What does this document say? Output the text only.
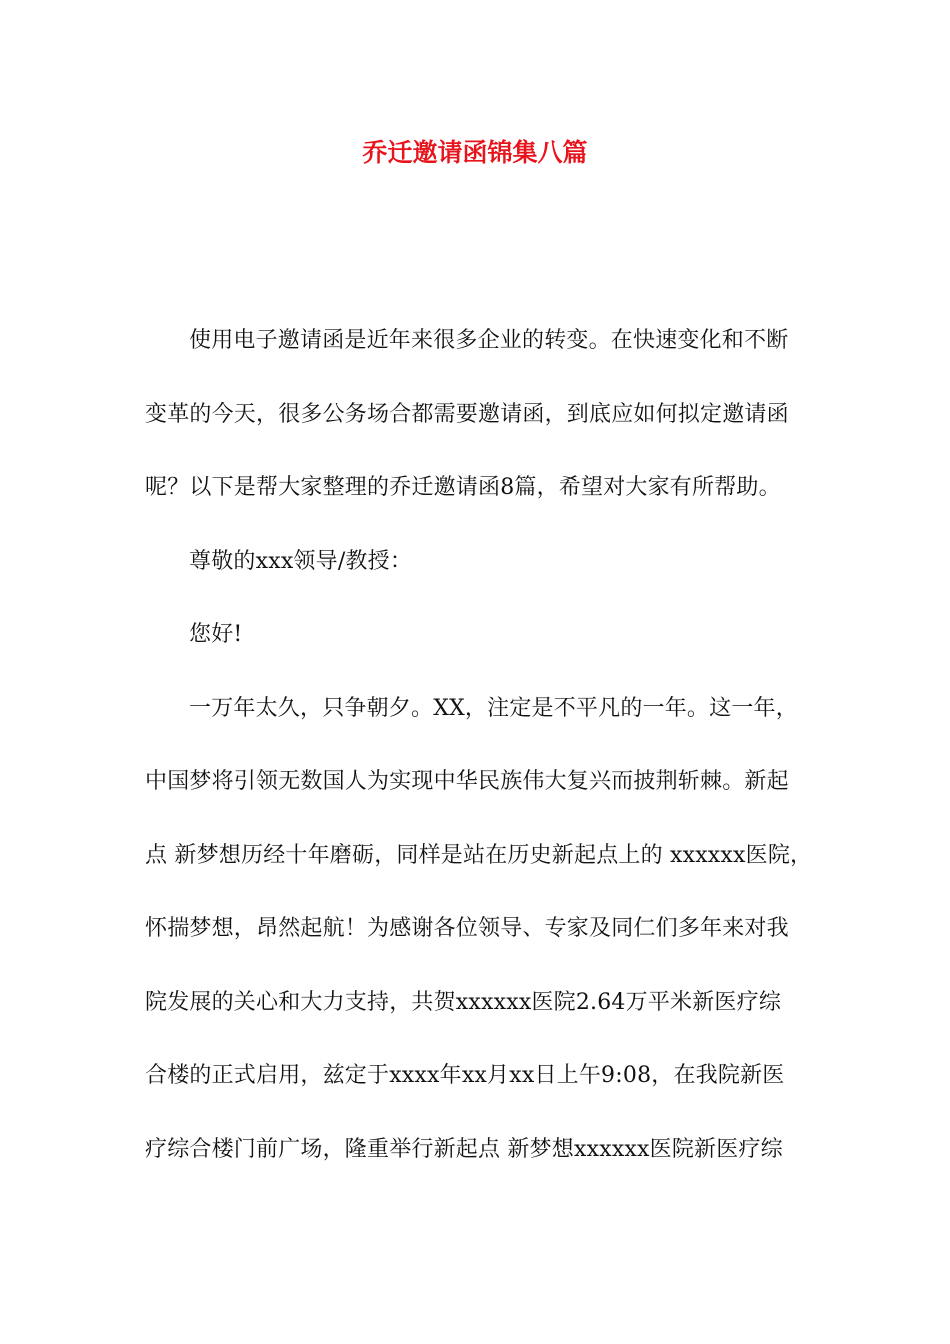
乔迁邀请函锦集八篇
使用电子邀请函是近年来很多企业的转变。在快速变化和不断
变革的今天，很多公务场合都需要邀请函，到底应如何拟定邀请函
呢？以下是帮大家整理的乔迁邀请函8篇，希望对大家有所帮助。
尊敬的xxx领导/教授：
您好!
一万年太久，只争朝夕。XX，注定是不平凡的一年。这一年，
中国梦将引领无数国人为实现中华民族伟大复兴而披荆斩棘。新起
点 新梦想历经十年磨砺，同样是站在历史新起点上的 xxxxxx医院，
怀揣梦想，昂然起航！为感谢各位领导、专家及同仁们多年来对我
院发展的关心和大力支持，共贺xxxxxx医院2.64万平米新医疗综
合楼的正式启用，兹定于xxxx年xx月xx日上午9:08，在我院新医
疗综合楼门前广场，隆重举行新起点 新梦想xxxxxx医院新医疗综
